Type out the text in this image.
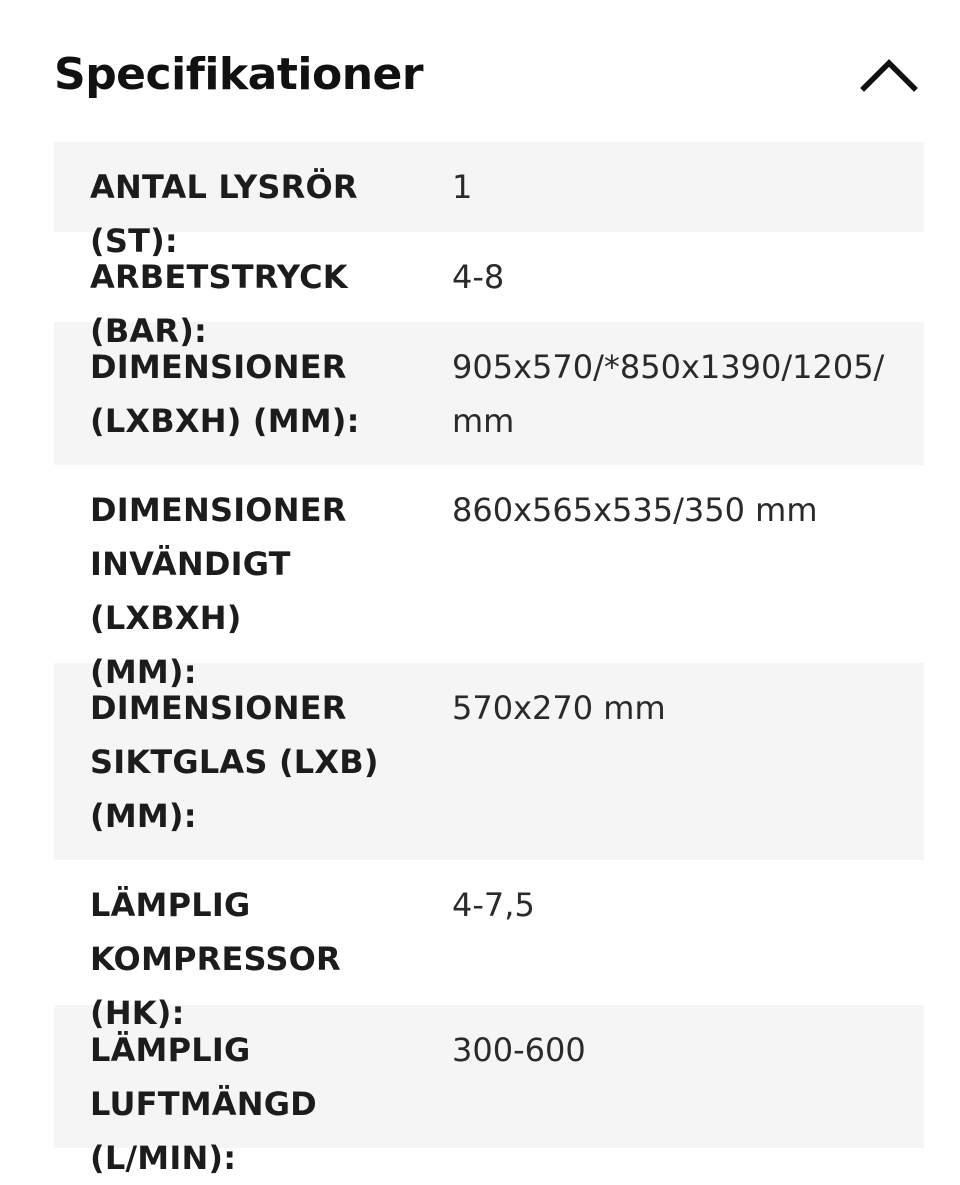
Specifikationer
ANTAL LYSRÖR (ST):
1
ARBETSTRYCK (BAR):
4-8
DIMENSIONER
(LXBXH) (MM):
905x570/*850x1390/1205/
mm
DIMENSIONER
INVÄNDIGT (LXBXH)
(MM):
860x565x535/350 mm
DIMENSIONER
SIKTGLAS (LXB)
(MM):
570x270 mm
LÄMPLIG
KOMPRESSOR (HK):
4-7,5
LÄMPLIG
LUFTMÄNGD (L/MIN):
300-600
